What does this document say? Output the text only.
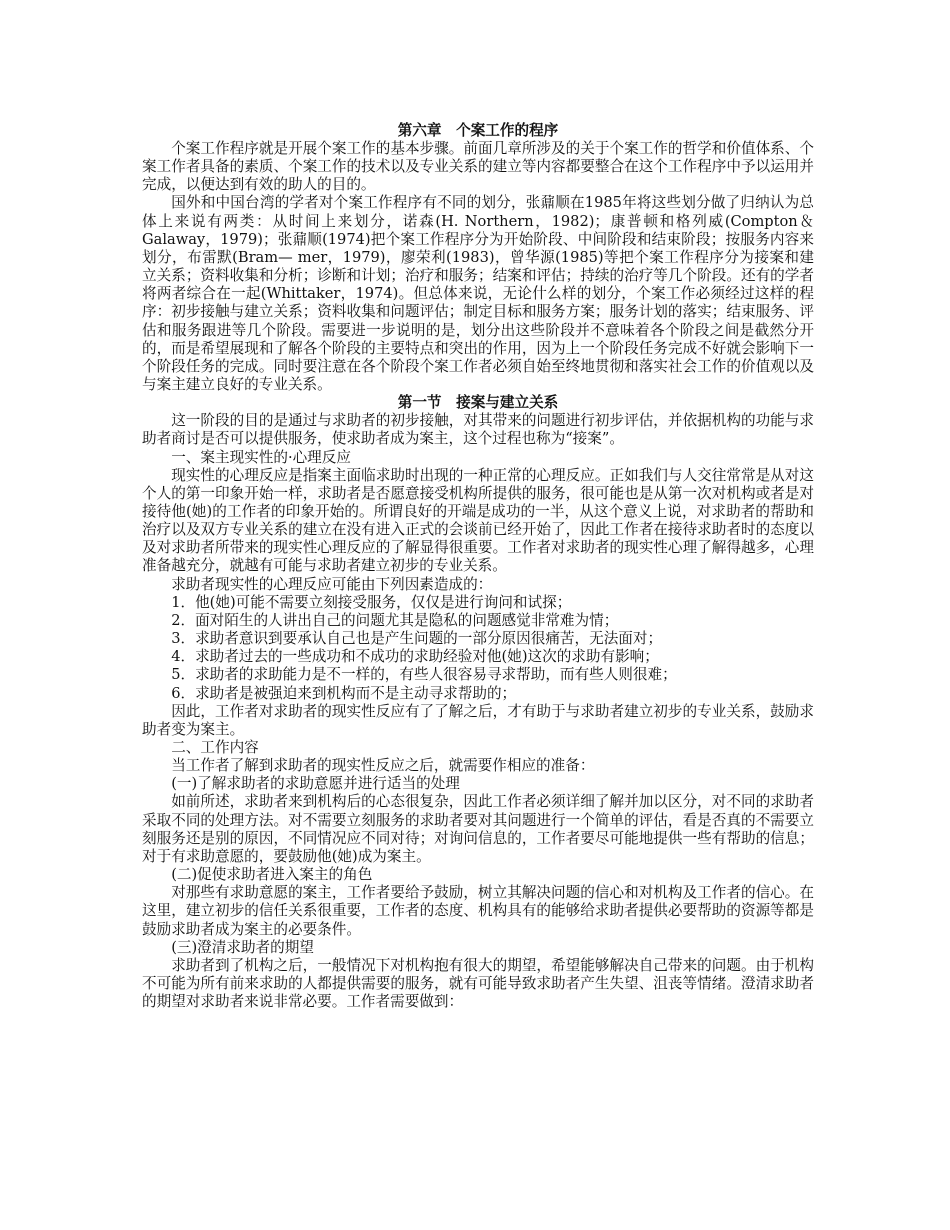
第六章　个案工作的程序

个案工作程序就是开展个案工作的基本步骤。前面几章所涉及的关于个案工作的哲学和价值体系、个案工作者具备的素质、个案工作的技术以及专业关系的建立等内容都要整合在这个工作程序中予以运用并完成，以便达到有效的助人的目的。

国外和中国台湾的学者对个案工作程序有不同的划分，张鼐顺在1985年将这些划分做了归纳认为总体上来说有两类：从时间上来划分，诺森(H. Northern，1982)；康普顿和格列威(Compton＆Galaway，1979)；张鼐顺(1974)把个案工作程序分为开始阶段、中间阶段和结束阶段；按服务内容来划分，布雷默(Bram— mer，1979)，廖荣利(1983)，曾华源(1985)等把个案工作程序分为接案和建立关系；资料收集和分析；诊断和计划；治疗和服务；结案和评估；持续的治疗等几个阶段。还有的学者将两者综合在一起(Whittaker，1974)。但总体来说，无论什么样的划分，个案工作必须经过这样的程序：初步接触与建立关系；资料收集和问题评估；制定目标和服务方案；服务计划的落实；结束服务、评估和服务跟进等几个阶段。需要进一步说明的是，划分出这些阶段并不意味着各个阶段之间是截然分开的，而是希望展现和了解各个阶段的主要特点和突出的作用，因为上一个阶段任务完成不好就会影响下一个阶段任务的完成。同时要注意在各个阶段个案工作者必须自始至终地贯彻和落实社会工作的价值观以及与案主建立良好的专业关系。

第一节　接案与建立关系

这一阶段的目的是通过与求助者的初步接触，对其带来的问题进行初步评估，并依据机构的功能与求助者商讨是否可以提供服务，使求助者成为案主，这个过程也称为“接案”。

一、案主现实性的·心理反应

现实性的心理反应是指案主面临求助时出现的一种正常的心理反应。正如我们与人交往常常是从对这个人的第一印象开始一样，求助者是否愿意接受机构所提供的服务，很可能也是从第一次对机构或者是对接待他(她)的工作者的印象开始的。所谓良好的开端是成功的一半，从这个意义上说，对求助者的帮助和治疗以及双方专业关系的建立在没有进入正式的会谈前已经开始了，因此工作者在接待求助者时的态度以及对求助者所带来的现实性心理反应的了解显得很重要。工作者对求助者的现实性心理了解得越多，心理准备越充分，就越有可能与求助者建立初步的专业关系。

求助者现实性的心理反应可能由下列因素造成的：

1．他(她)可能不需要立刻接受服务，仅仅是进行询问和试探；

2．面对陌生的人讲出自己的问题尤其是隐私的问题感觉非常难为情；

3．求助者意识到要承认自己也是产生问题的一部分原因很痛苦，无法面对；

4．求助者过去的一些成功和不成功的求助经验对他(她)这次的求助有影响；

5．求助者的求助能力是不一样的，有些人很容易寻求帮助，而有些人则很难；

6．求助者是被强迫来到机构而不是主动寻求帮助的；

因此，工作者对求助者的现实性反应有了了解之后，才有助于与求助者建立初步的专业关系，鼓励求助者变为案主。

二、工作内容

当工作者了解到求助者的现实性反应之后，就需要作相应的准备：

(一)了解求助者的求助意愿并进行适当的处理

如前所述，求助者来到机构后的心态很复杂，因此工作者必须详细了解并加以区分，对不同的求助者采取不同的处理方法。对不需要立刻服务的求助者要对其问题进行一个简单的评估，看是否真的不需要立刻服务还是别的原因，不同情况应不同对待；对询问信息的，工作者要尽可能地提供一些有帮助的信息；对于有求助意愿的，要鼓励他(她)成为案主。

(二)促使求助者进入案主的角色

对那些有求助意愿的案主，工作者要给予鼓励，树立其解决问题的信心和对机构及工作者的信心。在这里，建立初步的信任关系很重要，工作者的态度、机构具有的能够给求助者提供必要帮助的资源等都是鼓励求助者成为案主的必要条件。

(三)澄清求助者的期望

求助者到了机构之后，一般情况下对机构抱有很大的期望，希望能够解决自己带来的问题。由于机构不可能为所有前来求助的人都提供需要的服务，就有可能导致求助者产生失望、沮丧等情绪。澄清求助者的期望对求助者来说非常必要。工作者需要做到：
